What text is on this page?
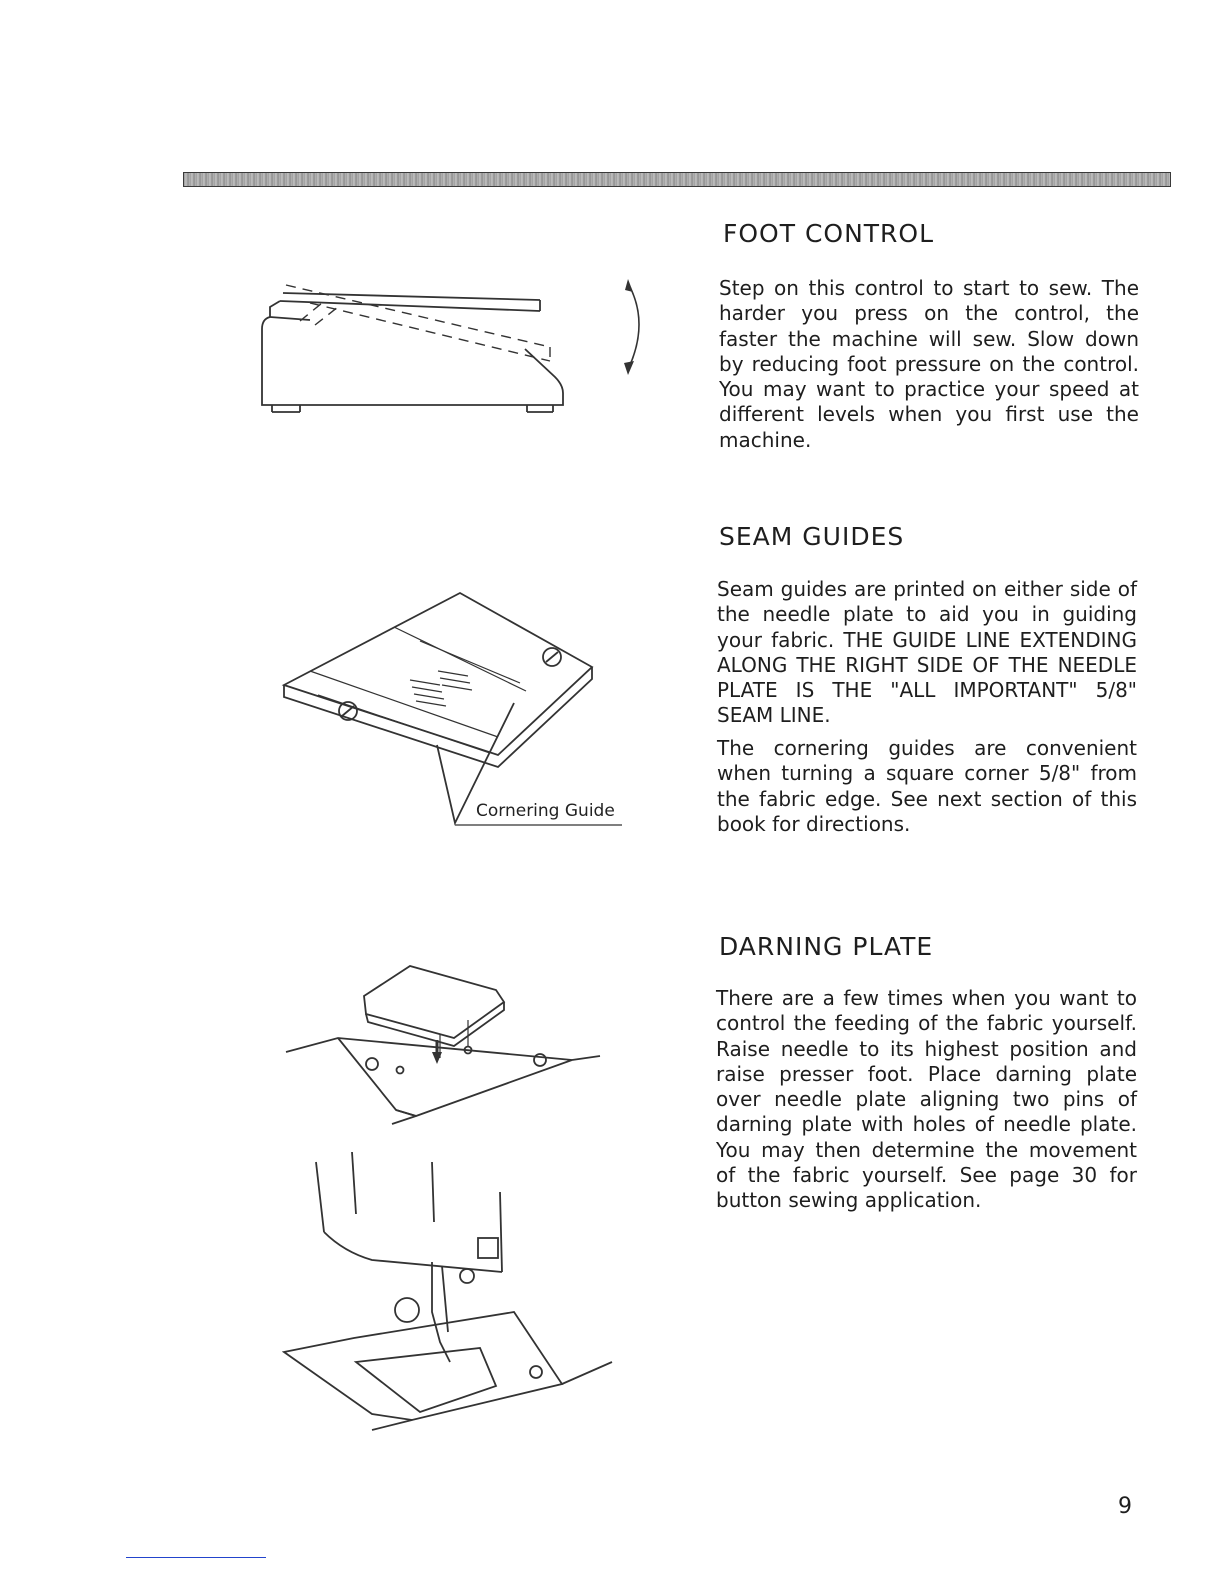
FOOT CONTROL

Step on this control to start to sew. The harder you press on the control, the faster the machine will sew. Slow down by reducing foot pressure on the control. You may want to practice your speed at different levels when you first use the machine.

Cornering Guide
SEAM GUIDES

Seam guides are printed on either side of the needle plate to aid you in guiding your fabric. THE GUIDE LINE EXTENDING ALONG THE RIGHT SIDE OF THE NEEDLE PLATE IS THE "ALL IMPORTANT" 5/8" SEAM LINE.

The cornering guides are convenient when turning a square corner 5/8" from the fabric edge. See next section of this book for directions.

DARNING PLATE

There are a few times when you want to control the feeding of the fabric yourself. Raise needle to its highest position and raise presser foot. Place darning plate over needle plate aligning two pins of darning plate with holes of needle plate. You may then determine the movement of the fabric yourself. See page 30 for button sewing application.

9
